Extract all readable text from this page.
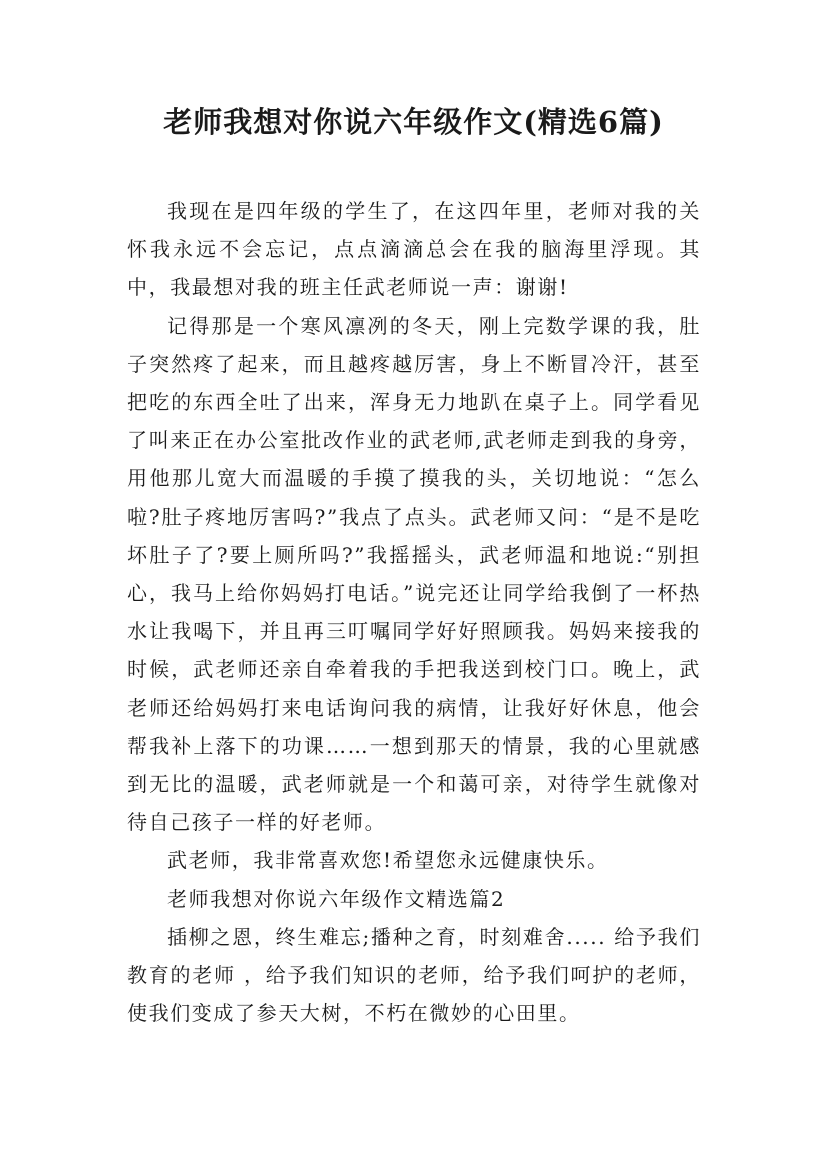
老师我想对你说六年级作文(精选6篇)

我现在是四年级的学生了，在这四年里，老师对我的关怀我永远不会忘记，点点滴滴总会在我的脑海里浮现。其中，我最想对我的班主任武老师说一声：谢谢!

记得那是一个寒风凛冽的冬天，刚上完数学课的我，肚子突然疼了起来，而且越疼越厉害，身上不断冒冷汗，甚至把吃的东西全吐了出来，浑身无力地趴在桌子上。同学看见了叫来正在办公室批改作业的武老师,武老师走到我的身旁，用他那儿宽大而温暖的手摸了摸我的头，关切地说：“怎么啦?肚子疼地厉害吗?”我点了点头。武老师又问：“是不是吃坏肚子了?要上厕所吗?”我摇摇头，武老师温和地说:“别担心，我马上给你妈妈打电话。”说完还让同学给我倒了一杯热水让我喝下，并且再三叮嘱同学好好照顾我。妈妈来接我的时候，武老师还亲自牵着我的手把我送到校门口。晚上，武老师还给妈妈打来电话询问我的病情，让我好好休息，他会帮我补上落下的功课……一想到那天的情景，我的心里就感到无比的温暖，武老师就是一个和蔼可亲，对待学生就像对待自己孩子一样的好老师。

武老师，我非常喜欢您!希望您永远健康快乐。

老师我想对你说六年级作文精选篇2

插柳之恩，终生难忘;播种之育，时刻难舍..... 给予我们教育的老师 ，给予我们知识的老师，给予我们呵护的老师，使我们变成了参天大树，不朽在微妙的心田里。
